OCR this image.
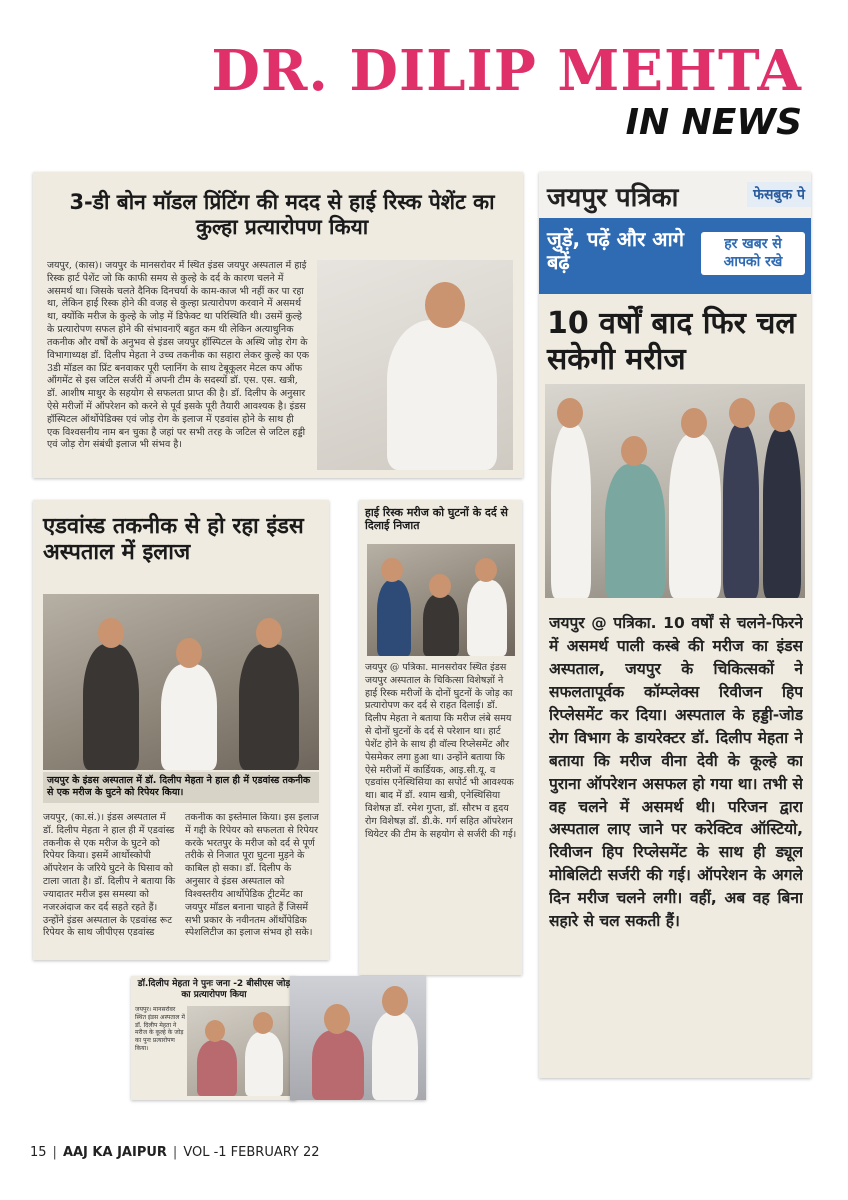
DR. DILIP MEHTA
IN NEWS
3-डी बोन मॉडल प्रिंटिंग की मदद से हाई रिस्क पेशेंट का कुल्हा प्रत्यारोपण किया
जयपुर, (कास)। जयपुर के मानसरोवर में स्थित इंडस जयपुर अस्पताल में हाई रिस्क हार्ट पेशेंट जो कि काफी समय से कुल्हे के दर्द के कारण चलने में असमर्थ था। जिसके चलते दैनिक दिनचर्या के काम-काज भी नहीं कर पा रहा था, लेकिन हाई रिस्क होने की वजह से कुल्हा प्रत्यारोपण करवाने में असमर्थ था, क्योंकि मरीज के कुल्हे के जोड़ में डिफेक्ट था परिस्थिति थी। उसमें कुल्हे के प्रत्यारोपण सफल होने की संभावनाएँ बहुत कम थी लेकिन अत्याधुनिक तकनीक और वर्षों के अनुभव से इंडस जयपुर हॉस्पिटल के अस्थि जोड़ रोग के विभागाध्यक्ष डॉ. दिलीप मेहता ने उच्च तकनीक का सहारा लेकर कुल्हे का एक 3डी मॉडल का प्रिंट बनवाकर पूरी प्लानिंग के साथ टेबूकूलर मेटल कप ऑफ ऑगमेंट से इस जटिल सर्जरी में अपनी टीम के सदस्यों डॉ. एस. एस. खत्री, डॉ. आशीष माथुर के सहयोग से सफलता प्राप्त की है। डॉ. दिलीप के अनुसार ऐसे मरीजों में ऑपरेशन को करने से पूर्व इसके पूरी तैयारी आवश्यक है। इंडस हॉस्पिटल ऑर्थोपेडिक्स एवं जोड़ रोग के इलाज में एडवांस होने के साथ ही एक विश्वसनीय नाम बन चुका है जहां पर सभी तरह के जटिल से जटिल हड्डी एवं जोड़ रोग संबंधी इलाज भी संभव है।
एडवांस्ड तकनीक से हो रहा इंडस अस्पताल में इलाज
जयपुर के इंडस अस्पताल में डॉ. दिलीप मेहता ने हाल ही में एडवांस्ड तकनीक से एक मरीज के घुटने को रिपेयर किया।
जयपुर, (का.सं.)। इंडस अस्पताल में डॉ. दिलीप मेहता ने हाल ही में एडवांस्ड तकनीक से एक मरीज के घुटने को रिपेयर किया। इसमें आर्थोस्कोपी ऑपरेशन के जरिये घुटने के घिसाव को टाला जाता है। डॉ. दिलीप ने बताया कि ज्यादातर मरीज इस समस्या को नजरअंदाज कर दर्द सहते रहते हैं। उन्होंने इंडस अस्पताल के एडवांस्ड रूट रिपेयर के साथ जीपीएस एडवांस्ड तकनीक का इस्तेमाल किया। इस इलाज में गद्दी के रिपेयर को सफलता से रिपेयर करके भरतपुर के मरीज को दर्द से पूर्ण तरीके से निजात पूरा घुटना मुड़ने के काबिल हो सका। डॉ. दिलीप के अनुसार वे इंडस अस्पताल को विश्वस्तरीय आर्थोपेडिक ट्रीटमेंट का जयपुर मॉडल बनाना चाहते हैं जिसमें सभी प्रकार के नवीनतम ऑर्थोपेडिक स्पेशलिटीज का इलाज संभव हो सके।
हाई रिस्क मरीज को घुटनों के दर्द से दिलाई निजात
जयपुर @ पत्रिका. मानसरोवर स्थित इंडस जयपुर अस्पताल के चिकित्सा विशेषज्ञों ने हाई रिस्क मरीजों के दोनों घुटनों के जोड़ का प्रत्यारोपण कर दर्द से राहत दिलाई। डॉ. दिलीप मेहता ने बताया कि मरीज लंबे समय से दोनों घुटनों के दर्द से परेशान था। हार्ट पेशेंट होने के साथ ही वॉल्व रिप्लेसमेंट और पेसमेकर लगा हुआ था। उन्होंने बताया कि ऐसे मरीजों में कार्डियक, आइ.सी.यू. व एडवांस एनेस्थिसिया का सपोर्ट भी आवश्यक था। बाद में डॉ. श्याम खत्री, एनेस्थिसिया विशेषज्ञ डॉ. रमेश गुप्ता, डॉ. सौरभ व हृदय रोग विशेषज्ञ डॉ. डी.के. गर्ग सहित ऑपरेशन थियेटर की टीम के सहयोग से सर्जरी की गई।
जयपुर पत्रिका	फेसबुक पे
जुड़ें, पढ़ें और आगे बढ़ें
हर खबर से आपको रखे
10 वर्षों बाद फिर चल सकेगी मरीज
जयपुर @ पत्रिका. 10 वर्षों से चलने-फिरने में असमर्थ पाली कस्बे की मरीज का इंडस अस्पताल, जयपुर के चिकित्सकों ने सफलतापूर्वक कॉम्प्लेक्स रिवीजन हिप रिप्लेसमेंट कर दिया। अस्पताल के हड्डी-जोड रोग विभाग के डायरेक्टर डॉ. दिलीप मेहता ने बताया कि मरीज वीना देवी के कूल्हे का पुराना ऑपरेशन असफल हो गया था। तभी से वह चलने में असमर्थ थी। परिजन द्वारा अस्पताल लाए जाने पर करेक्टिव ऑस्टियो, रिवीजन हिप रिप्लेसमेंट के साथ ही ड्यूल मोबिलिटी सर्जरी की गई। ऑपरेशन के अगले दिन मरीज चलने लगी। वहीं, अब वह बिना सहारे से चल सकती हैं।
डॉ.दिलीप मेहता ने पुनः जना -2 बीसीएस जोड़ का प्रत्यारोपण किया
जयपुर। मानसरोवर स्थित इंडस अस्पताल में डॉ. दिलीप मेहता ने मरीज के कूल्हे के जोड़ का पुनः प्रत्यारोपण किया।
15 | AAJ KA JAIPUR | VOL -1 FEBRUARY 22
